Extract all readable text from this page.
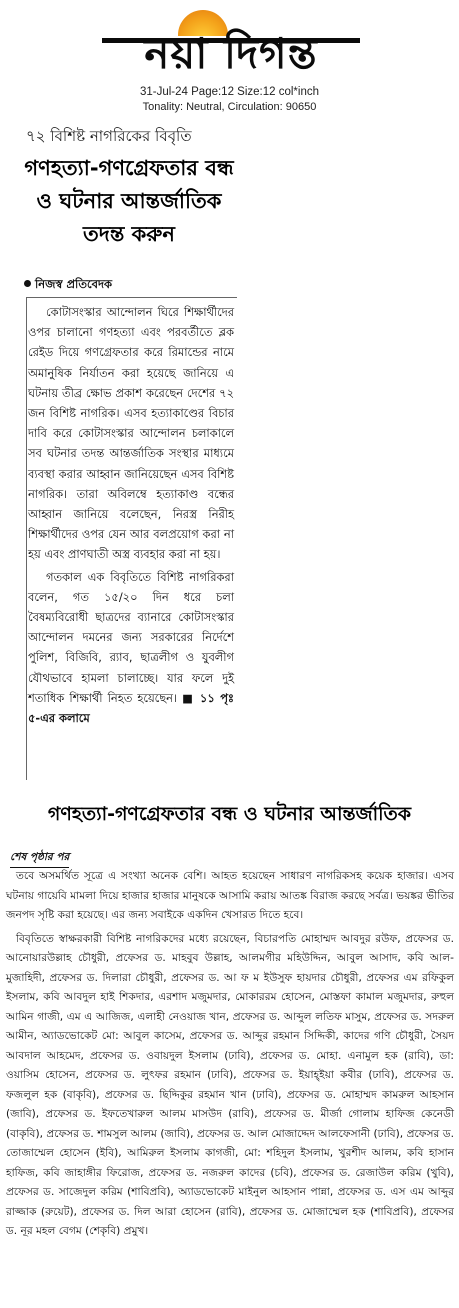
নয়া দিগন্ত
31-Jul-24 Page:12 Size:12 col*inch
Tonality: Neutral, Circulation: 90650
৭২ বিশিষ্ট নাগরিকের বিবৃতি
গণহত্যা-গণগ্রেফতার বন্ধ ও ঘটনার আন্তর্জাতিক তদন্ত করুন
নিজস্ব প্রতিবেদক

কোটাসংস্কার আন্দোলন ঘিরে শিক্ষার্থীদের ওপর চালানো গণহত্যা এবং পরবর্তীতে ব্লক রেইড দিয়ে গণগ্রেফতার করে রিমান্ডের নামে অমানুষিক নির্যাতন করা হয়েছে জানিয়ে এ ঘটনায় তীব্র ক্ষোভ প্রকাশ করেছেন দেশের ৭২ জন বিশিষ্ট নাগরিক। এসব হত্যাকাণ্ডের বিচার দাবি করে কোটাসংস্কার আন্দোলন চলাকালে সব ঘটনার তদন্ত আন্তর্জাতিক সংস্থার মাধ্যমে ব্যবস্থা করার আহ্বান জানিয়েছেন এসব বিশিষ্ট নাগরিক। তারা অবিলম্বে হত্যাকাণ্ড বন্ধের আহ্বান জানিয়ে বলেছেন, নিরস্ত্র নিরীহ শিক্ষার্থীদের ওপর যেন আর বলপ্রয়োগ করা না হয় এবং প্রাণঘাতী অস্ত্র ব্যবহার করা না হয়।

গতকাল এক বিবৃতিতে বিশিষ্ট নাগরিকরা বলেন, গত ১৫/২০ দিন ধরে চলা বৈষম্যবিরোধী ছাত্রদের ব্যানারে কোটাসংস্কার আন্দোলন দমনের জন্য সরকারের নির্দেশে পুলিশ, বিজিবি, র‌্যাব, ছাত্রলীগ ও যুবলীগ যৌথভাবে হামলা চালাচ্ছে। যার ফলে দুই শতাধিক শিক্ষার্থী নিহত হয়েছেন। ■ ১১ পৃঃ ৫-এর কলামে

গণহত্যা-গণগ্রেফতার বন্ধ ও ঘটনার আন্তর্জাতিক
শেষ পৃষ্ঠার পর

তবে অসমর্থিত সূত্রে এ সংখ্যা অনেক বেশি। আহত হয়েছেন সাধারণ নাগরিকসহ কয়েক হাজার। এসব ঘটনায় গায়েবি মামলা দিয়ে হাজার হাজার মানুষকে আসামি করায় আতঙ্ক বিরাজ করছে সর্বত্র। ভয়ঙ্কর ভীতির জনপদ সৃষ্টি করা হয়েছে। এর জন্য সবাইকে একদিন খেসারত দিতে হবে।

বিবৃতিতে স্বাক্ষরকারী বিশিষ্ট নাগরিকদের মধ্যে রয়েছেন, বিচারপতি মোহাম্মদ আবদুর রউফ, প্রফেসর ড. আনোয়ারউল্লাহ চৌধুরী, প্রফেসর ড. মাহবুব উল্লাহ, আলমগীর মহিউদ্দিন, আবুল আসাদ, কবি আল-মুজাহিদী, প্রফেসর ড. দিলারা চৌধুরী, প্রফেসর ড. আ ফ ম ইউসুফ হায়দার চৌধুরী, প্রফেসর এম রফিকুল ইসলাম, কবি আবদুল হাই শিকদার, এরশাদ মজুমদার, মোকাররম হোসেন, মোস্তফা কামাল মজুমদার, রুহুল আমিন গাজী, এম এ আজিজ, এলাহী নেওয়াজ খান, প্রফেসর ড. আব্দুল লতিফ মাসুম, প্রফেসর ড. সদরুল আমীন, অ্যাডভোকেট মো: আবুল কাসেম, প্রফেসর ড. আব্দুর রহমান সিদ্দিকী, কাদের গণি চৌধুরী, সৈয়দ আবদাল আহমেদ, প্রফেসর ড. ওবায়দুল ইসলাম (ঢাবি), প্রফেসর ড. মোহা. এনামুল হক (রাবি), ডা: ওয়াসিম হোসেন, প্রফেসর ড. লুৎফর রহমান (ঢাবি), প্রফেসর ড. ইয়াহ্‌ইয়া কবীর (ঢাবি), প্রফেসর ড. ফজলুল হক (বাকৃবি), প্রফেসর ড. ছিদ্দিকুর রহমান খান (ঢাবি), প্রফেসর ড. মোহাম্মদ কামরুল আহসান (জাবি), প্রফেসর ড. ইফতেখারুল আলম মাসউদ (রাবি), প্রফেসর ড. মীর্জা গোলাম হাফিজ কেনেডী (বাকৃবি), প্রফেসর ড. শামসুল আলম (জাবি), প্রফেসর ড. আল মোজাদ্দেদ আলফেসানী (ঢাবি), প্রফেসর ড. তোজাম্মেল হোসেন (ইবি), আমিরুল ইসলাম কাগজী, মো: শহিদুল ইসলাম, খুরশীদ আলম, কবি হাসান হাফিজ, কবি জাহাঙ্গীর ফিরোজ, প্রফেসর ড. নজরুল কাদের (চবি), প্রফেসর ড. রেজাউল করিম (খুবি), প্রফেসর ড. সাজেদুল করিম (শাবিপ্রবি), অ্যাডভোকেট মাইনুল আহসান পান্না, প্রফেসর ড. এস এম আব্দুর রাজ্জাক (রুয়েট), প্রফেসর ড. দিল আরা হোসেন (রাবি), প্রফেসর ড. মোজাম্মেল হক (শাবিপ্রবি), প্রফেসর ড. নূর মহল বেগম (শেকৃবি) প্রমুখ।
